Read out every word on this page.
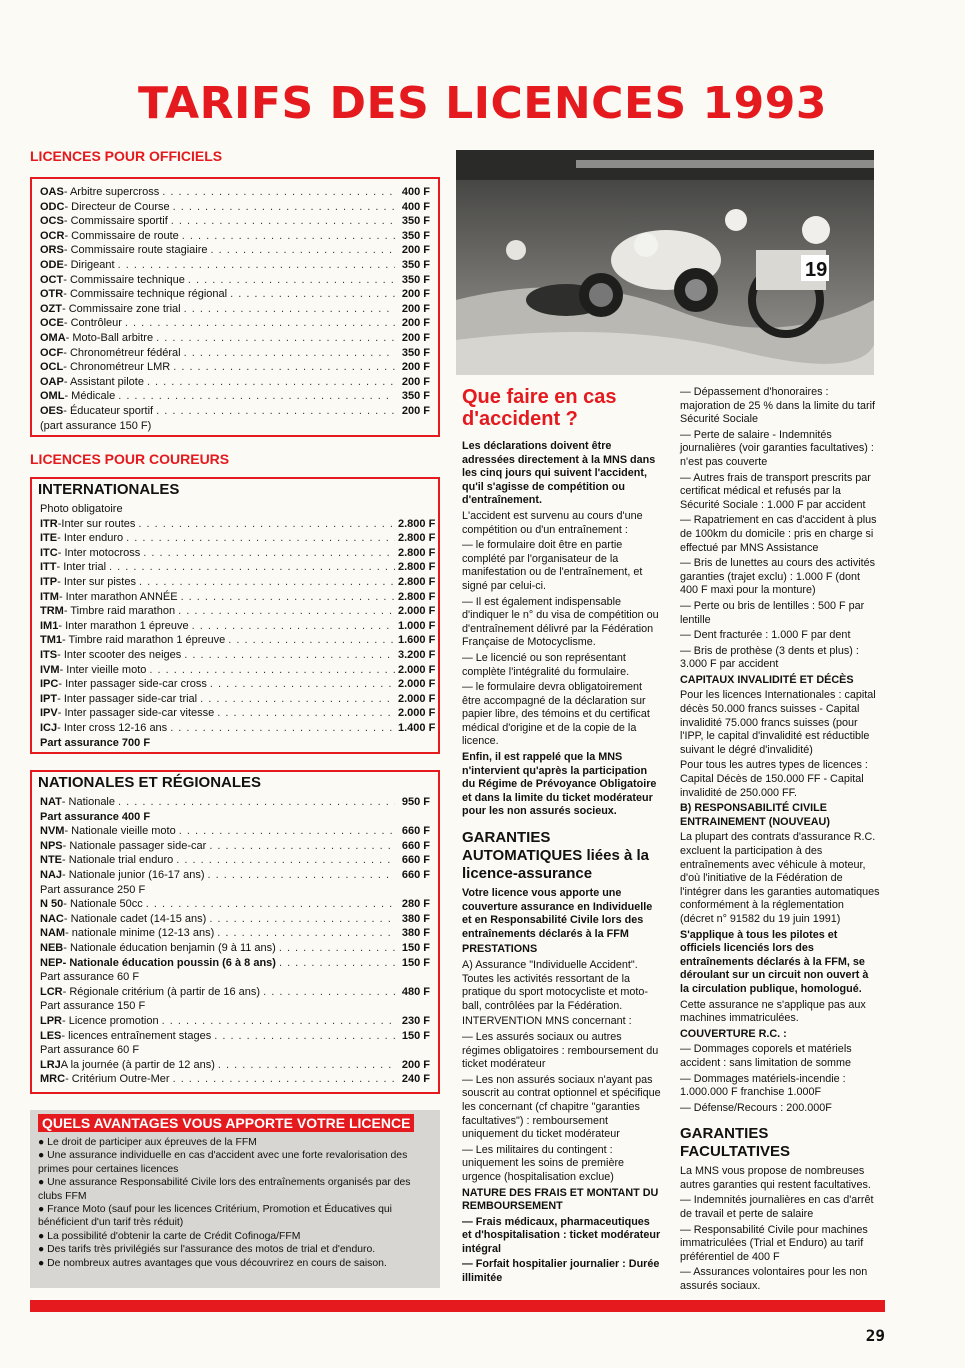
TARIFS DES LICENCES 1993
LICENCES POUR OFFICIELS
OAS - Arbitre supercross . . .	400 F
ODC - Directeur de Course . . .	400 F
OCS - Commissaire sportif . . .	350 F
OCR - Commissaire de route . . .	350 F
ORS - Commissaire route stagiaire . . .	200 F
ODE - Dirigeant . . .	350 F
OCT - Commissaire technique . . .	350 F
OTR - Commissaire technique régional . . .	200 F
OZT - Commissaire zone trial . . .	200 F
OCE - Contrôleur . . .	200 F
OMA - Moto-Ball arbitre . . .	200 F
OCF - Chronométreur fédéral . . .	350 F
OCL - Chronométreur LMR . . .	200 F
OAP - Assistant pilote . . .	200 F
OML - Médicale . . .	350 F
OES - Éducateur sportif . . .	200 F
(part assurance 150 F)
LICENCES POUR COUREURS
INTERNATIONALES
Photo obligatoire
ITR -Inter sur routes . . .	2.800 F
ITE - Inter enduro . . .	2.800 F
ITC - Inter motocross . . .	2.800 F
ITT - Inter trial . . .	2.800 F
ITP - Inter sur pistes . . .	2.800 F
ITM - Inter marathon ANNÉE . . .	2.800 F
TRM - Timbre raid marathon . . .	2.000 F
IM1 - Inter marathon 1 épreuve . . .	1.000 F
TM1 - Timbre raid marathon 1 épreuve . . .	1.600 F
ITS - Inter scooter des neiges . . .	3.200 F
IVM - Inter vieille moto . . .	2.000 F
IPC - Inter passager side-car cross . . .	2.000 F
IPT - Inter passager side-car trial . . .	2.000 F
IPV - Inter passager side-car vitesse . . .	2.000 F
ICJ - Inter cross 12-16 ans . . .	1.400 F
Part assurance 700 F
NATIONALES ET RÉGIONALES
NAT - Nationale . . .	950 F
Part assurance 400 F
NVM - Nationale vieille moto . . .	660 F
NPS - Nationale passager side-car . . .	660 F
NTE - Nationale trial enduro . . .	660 F
NAJ - Nationale junior (16-17 ans) . . .	660 F
Part assurance 250 F
N 50 - Nationale 50cc . . .	280 F
NAC - Nationale cadet (14-15 ans) . . .	380 F
NAM - nationale minime (12-13 ans) . . .	380 F
NEB - Nationale éducation benjamin (9 à 11 ans) . . .	150 F
NEP - Nationale éducation poussin (6 à 8 ans) . . .	150 F
Part assurance 60 F
LCR - Régionale critérium (à partir de 16 ans) . . .	480 F
Part assurance 150 F
LPR - Licence promotion . . .	230 F
LES - licences entraînement stages . . .	150 F
Part assurance 60 F
LRJ A la journée (à partir de 12 ans) . . .	200 F
MRC - Critérium Outre-Mer . . .	240 F
QUELS AVANTAGES VOUS APPORTE VOTRE LICENCE

● Le droit de participer aux épreuves de la FFM

● Une assurance individuelle en cas d'accident avec une forte revalorisation des primes pour certaines licences

● Une assurance Responsabilité Civile lors des entraînements organisés par des clubs FFM

● France Moto (sauf pour les licences Critérium, Promotion et Éducatives qui bénéficient d'un tarif très réduit)

● La possibilité d'obtenir la carte de Crédit Cofinoga/FFM

● Des tarifs très privilégiés sur l'assurance des motos de trial et d'enduro.

● De nombreux autres avantages que vous découvrirez en cours de saison.

19
Que faire en cas d'accident ?

Les déclarations doivent être adressées directement à la MNS dans les cinq jours qui suivent l'accident, qu'il s'agisse de compétition ou d'entraînement.

L'accident est survenu au cours d'une compétition ou d'un entraînement :

— le formulaire doit être en partie complété par l'organisateur de la manifestation ou de l'entraînement, et signé par celui-ci.

— Il est également indispensable d'indiquer le n° du visa de compétition ou d'entraînement délivré par la Fédération Française de Motocyclisme.

— Le licencié ou son représentant complète l'intégralité du formulaire.

— le formulaire devra obligatoirement être accompagné de la déclaration sur papier libre, des témoins et du certificat médical d'origine et de la copie de la licence.

Enfin, il est rappelé que la MNS n'intervient qu'après la participation du Régime de Prévoyance Obligatoire et dans la limite du ticket modérateur pour les non assurés socieux.

GARANTIES AUTOMATIQUES liées à la licence-assurance

Votre licence vous apporte une couverture assurance en Individuelle et en Responsabilité Civile lors des entraînements déclarés à la FFM

PRESTATIONS

A) Assurance "Individuelle Accident". Toutes les activités ressortant de la pratique du sport motocycliste et moto-ball, contrôlées par la Fédération.

INTERVENTION MNS concernant :

— Les assurés sociaux ou autres régimes obligatoires : remboursement du ticket modérateur

— Les non assurés sociaux n'ayant pas souscrit au contrat optionnel et spécifique les concernant (cf chapitre "garanties facultatives") : remboursement uniquement du ticket modérateur

— Les militaires du contingent : uniquement les soins de première urgence (hospitalisation exclue)

NATURE DES FRAIS ET MONTANT DU REMBOURSEMENT

— Frais médicaux, pharmaceutiques et d'hospitalisation : ticket modérateur intégral

— Forfait hospitalier journalier : Durée illimitée

— Dépassement d'honoraires : majoration de 25 % dans la limite du tarif Sécurité Sociale

— Perte de salaire - Indemnités journalières (voir garanties facultatives) : n'est pas couverte

— Autres frais de transport prescrits par certificat médical et refusés par la Sécurité Sociale : 1.000 F par accident

— Rapatriement en cas d'accident à plus de 100km du domicile : pris en charge si effectué par MNS Assistance

— Bris de lunettes au cours des activités garanties (trajet exclu) : 1.000 F (dont 400 F maxi pour la monture)

— Perte ou bris de lentilles : 500 F par lentille

— Dent fracturée : 1.000 F par dent

— Bris de prothèse (3 dents et plus) : 3.000 F par accident

CAPITAUX INVALIDITÉ ET DÉCÈS

Pour les licences Internationales : capital décès 50.000 francs suisses - Capital invalidité 75.000 francs suisses (pour l'IPP, le capital d'invalidité est réductible suivant le dégré d'invalidité)

Pour tous les autres types de licences : Capital Décès de 150.000 FF - Capital invalidité de 250.000 FF.

B) RESPONSABILITÉ CIVILE ENTRAINEMENT (NOUVEAU)

La plupart des contrats d'assurance R.C. excluent la participation à des entraînements avec véhicule à moteur, d'où l'initiative de la Fédération de l'intégrer dans les garanties automatiques conformément à la réglementation (décret n° 91582 du 19 juin 1991)

S'applique à tous les pilotes et officiels licenciés lors des entraînements déclarés à la FFM, se déroulant sur un circuit non ouvert à la circulation publique, homologué.

Cette assurance ne s'applique pas aux machines immatriculées.

COUVERTURE R.C. :

— Dommages coporels et matériels accident : sans limitation de somme

— Dommages matériels-incendie : 1.000.000 F franchise 1.000F

— Défense/Recours : 200.000F

GARANTIES FACULTATIVES

La MNS vous propose de nombreuses autres garanties qui restent facultatives.

— Indemnités journalières en cas d'arrêt de travail et perte de salaire

— Responsabilité Civile pour machines immatriculées (Trial et Enduro) au tarif préférentiel de 400 F

— Assurances volontaires pour les non assurés sociaux.

29
